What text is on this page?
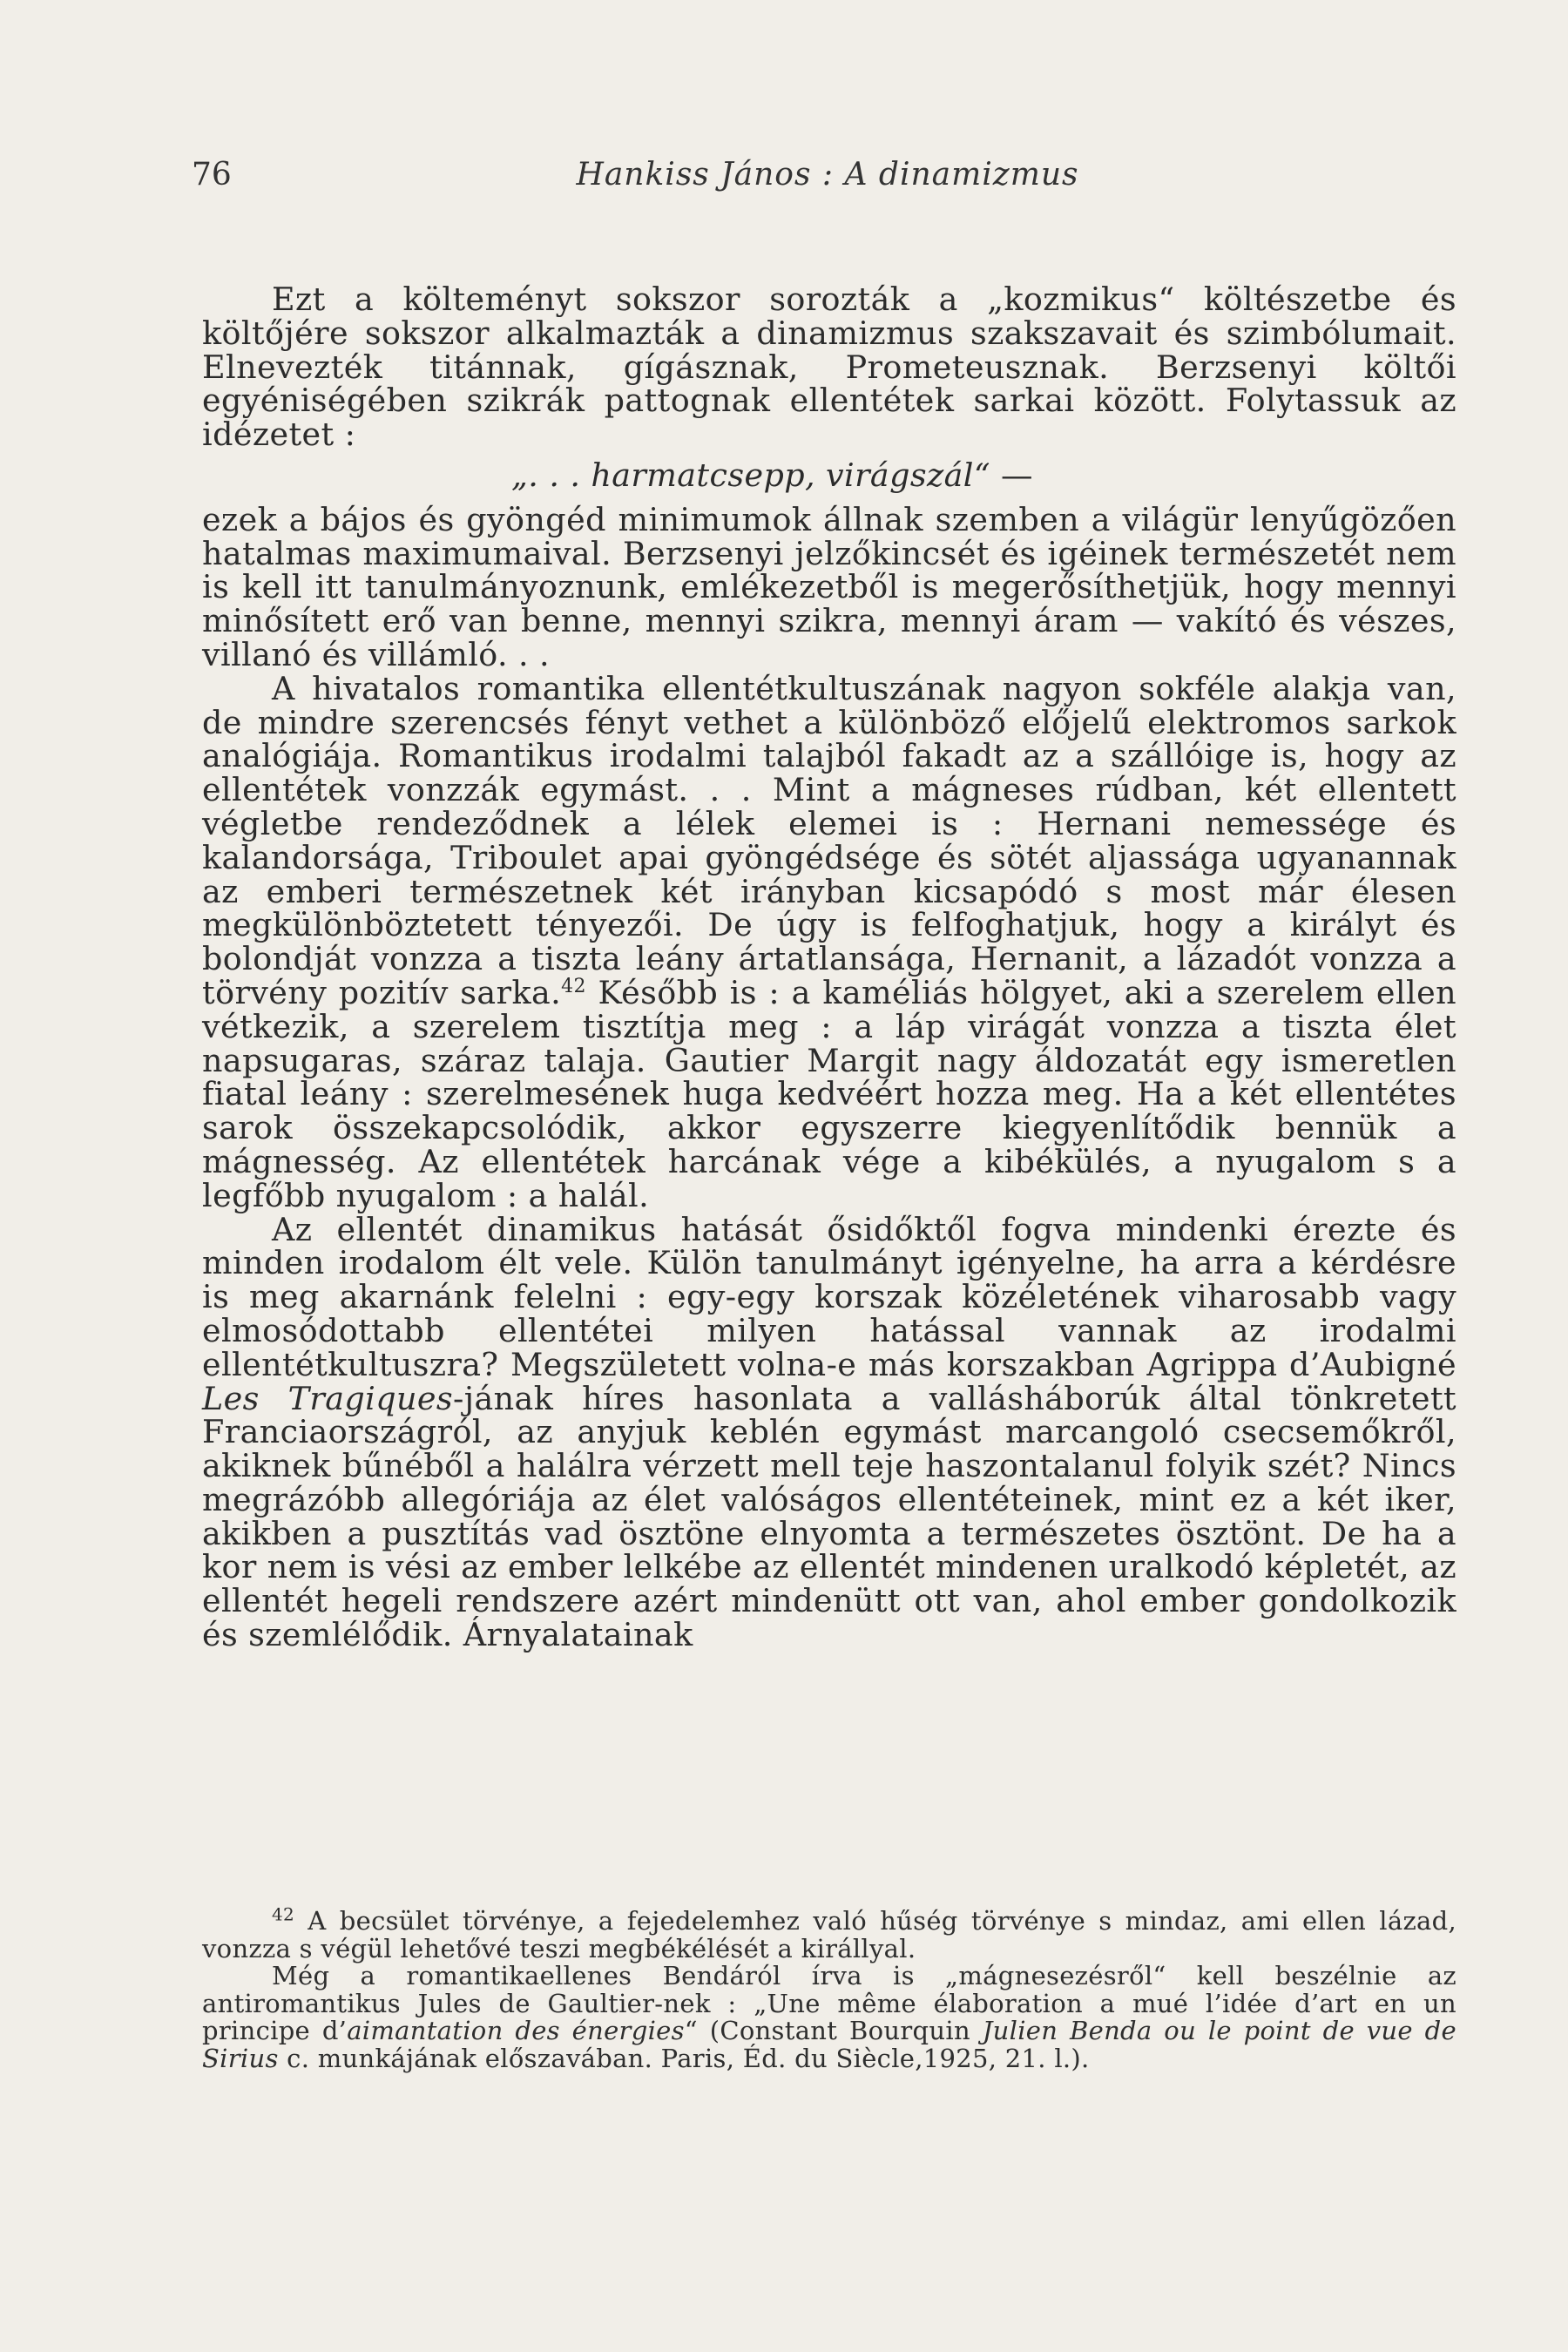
76	Hankiss János : A dinamizmus

Ezt a költeményt sokszor sorozták a „kozmikus“ költészetbe és költőjére sokszor alkalmazták a dinamizmus szakszavait és szimbólumait. Elnevezték titánnak, gígásznak, Prometeusznak. Berzsenyi költői egyéniségében szikrák pattognak ellentétek sarkai között. Folytassuk az idézetet :

„. . . harmatcsepp, virágszál“ —

ezek a bájos és gyöngéd minimumok állnak szemben a világür lenyűgözően hatalmas maximumaival. Berzsenyi jelzőkincsét és igéinek természetét nem is kell itt tanulmányoznunk, emlékezetből is megerősíthetjük, hogy mennyi minősített erő van benne, mennyi szikra, mennyi áram — vakító és vészes, villanó és villámló. . .

A hivatalos romantika ellentétkultuszának nagyon sokféle alakja van, de mindre szerencsés fényt vethet a különböző előjelű elektromos sarkok analógiája. Romantikus irodalmi talajból fakadt az a szállóige is, hogy az ellentétek vonzzák egymást. . . Mint a mágneses rúdban, két ellentett végletbe rendeződnek a lélek elemei is : Hernani nemessége és kalandorsága, Triboulet apai gyöngédsége és sötét aljassága ugyanannak az emberi természetnek két irányban kicsapódó s most már élesen megkülönböztetett tényezői. De úgy is felfoghatjuk, hogy a királyt és bolondját vonzza a tiszta leány ártatlansága, Hernanit, a lázadót vonzza a törvény pozitív sarka.$^{42}$ Később is : a kaméliás hölgyet, aki a szerelem ellen vétkezik, a szerelem tisztítja meg : a láp virágát vonzza a tiszta élet napsugaras, száraz talaja. Gautier Margit nagy áldozatát egy ismeretlen fiatal leány : szerelmesének huga kedvéért hozza meg. Ha a két ellentétes sarok összekapcsolódik, akkor egyszerre kiegyenlítődik bennük a mágnesség. Az ellentétek harcának vége a kibékülés, a nyugalom s a legfőbb nyugalom : a halál.

Az ellentét dinamikus hatását ősidőktől fogva mindenki érezte és minden irodalom élt vele. Külön tanulmányt igényelne, ha arra a kérdésre is meg akarnánk felelni : egy-egy korszak közéletének viharosabb vagy elmosódottabb ellentétei milyen hatással vannak az irodalmi ellentétkultuszra? Megszületett volna-e más korszakban Agrippa d’Aubigné Les Tragiques-jának híres hasonlata a vallásháborúk által tönkretett Franciaországról, az anyjuk keblén egymást marcangoló csecsemőkről, akiknek bűnéből a halálra vérzett mell teje haszontalanul folyik szét? Nincs megrázóbb allegóriája az élet valóságos ellentéteinek, mint ez a két iker, akikben a pusztítás vad ösztöne elnyomta a természetes ösztönt. De ha a kor nem is vési az ember lelkébe az ellentét mindenen uralkodó képletét, az ellentét hegeli rendszere azért mindenütt ott van, ahol ember gondolkozik és szemlélődik. Árnyalatainak

$^{42}$ A becsület törvénye, a fejedelemhez való hűség törvénye s mindaz, ami ellen lázad, vonzza s végül lehetővé teszi megbékélését a királlyal.

Még a romantikaellenes Bendáról írva is „mágnesezésről“ kell beszélnie az antiromantikus Jules de Gaultier-nek : „Une même élaboration a mué l’idée d’art en un principe d’aimantation des énergies“ (Constant Bourquin Julien Benda ou le point de vue de Sirius c. munkájának előszavában. Paris, Éd. du Siècle,1925, 21. l.).
